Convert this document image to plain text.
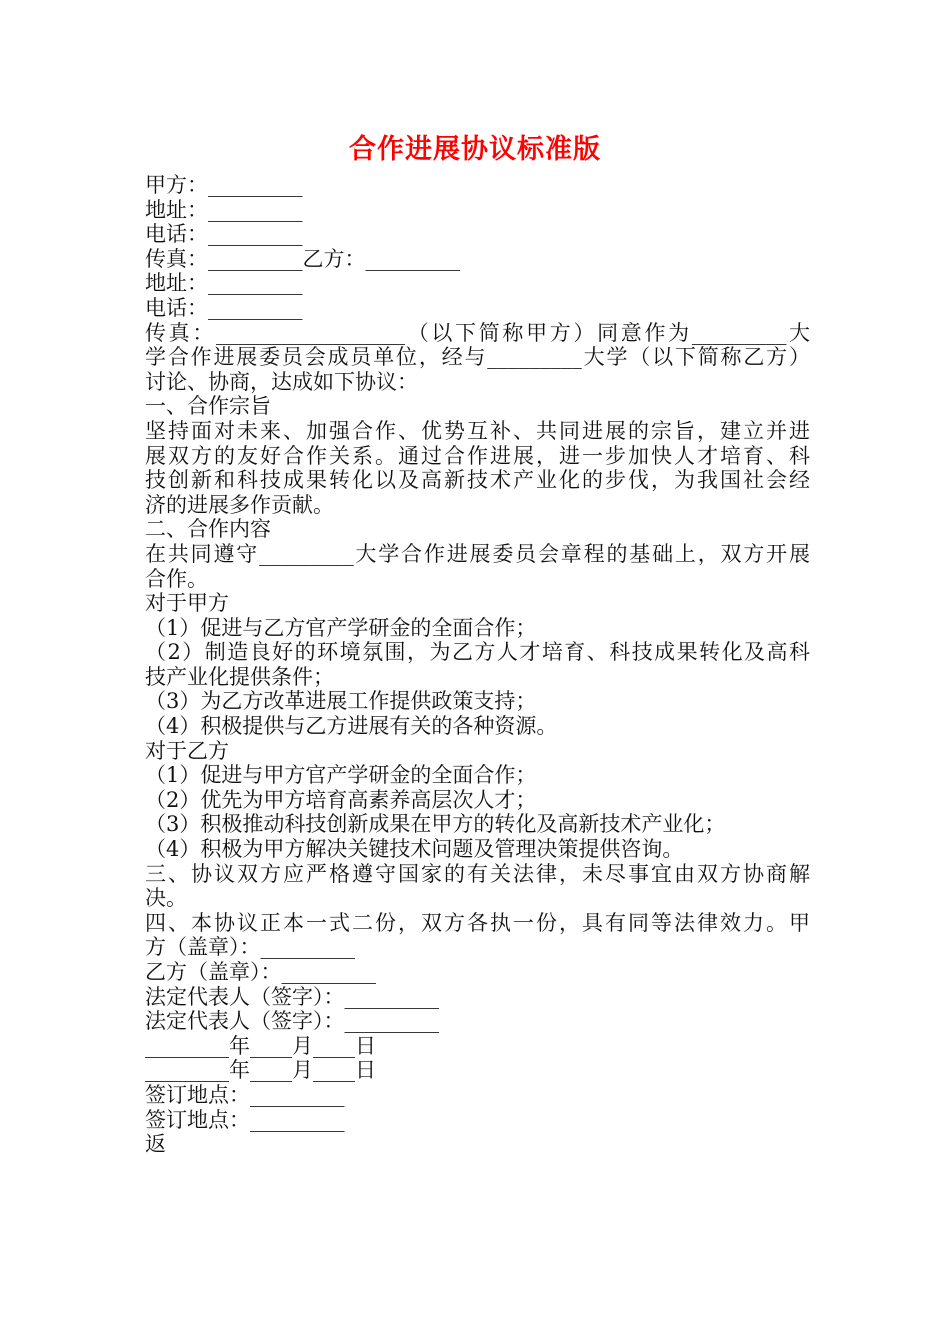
合作进展协议标准版
甲方：_________
地址：_________
电话：_________
传真：_________乙方：_________
地址：_________
电话：_________
传真：__________________（以下简称甲方）同意作为_________大
学合作进展委员会成员单位，经与_________大学（以下简称乙方）
讨论、协商，达成如下协议：
一、合作宗旨
坚持面对未来、加强合作、优势互补、共同进展的宗旨，建立并进
展双方的友好合作关系。通过合作进展，进一步加快人才培育、科
技创新和科技成果转化以及高新技术产业化的步伐，为我国社会经
济的进展多作贡献。
二、合作内容
在共同遵守_________大学合作进展委员会章程的基础上，双方开展
合作。
对于甲方
（1）促进与乙方官产学研金的全面合作；
（2）制造良好的环境氛围，为乙方人才培育、科技成果转化及高科
技产业化提供条件；
（3）为乙方改革进展工作提供政策支持；
（4）积极提供与乙方进展有关的各种资源。
对于乙方
（1）促进与甲方官产学研金的全面合作；
（2）优先为甲方培育高素养高层次人才；
（3）积极推动科技创新成果在甲方的转化及高新技术产业化；
（4）积极为甲方解决关键技术问题及管理决策提供咨询。
三、协议双方应严格遵守国家的有关法律，未尽事宜由双方协商解
决。
四、本协议正本一式二份，双方各执一份，具有同等法律效力。甲
方（盖章）：_________
乙方（盖章）：_________
法定代表人（签字）：_________
法定代表人（签字）：_________
________年____月____日
________年____月____日
签订地点：_________
签订地点：_________
返
